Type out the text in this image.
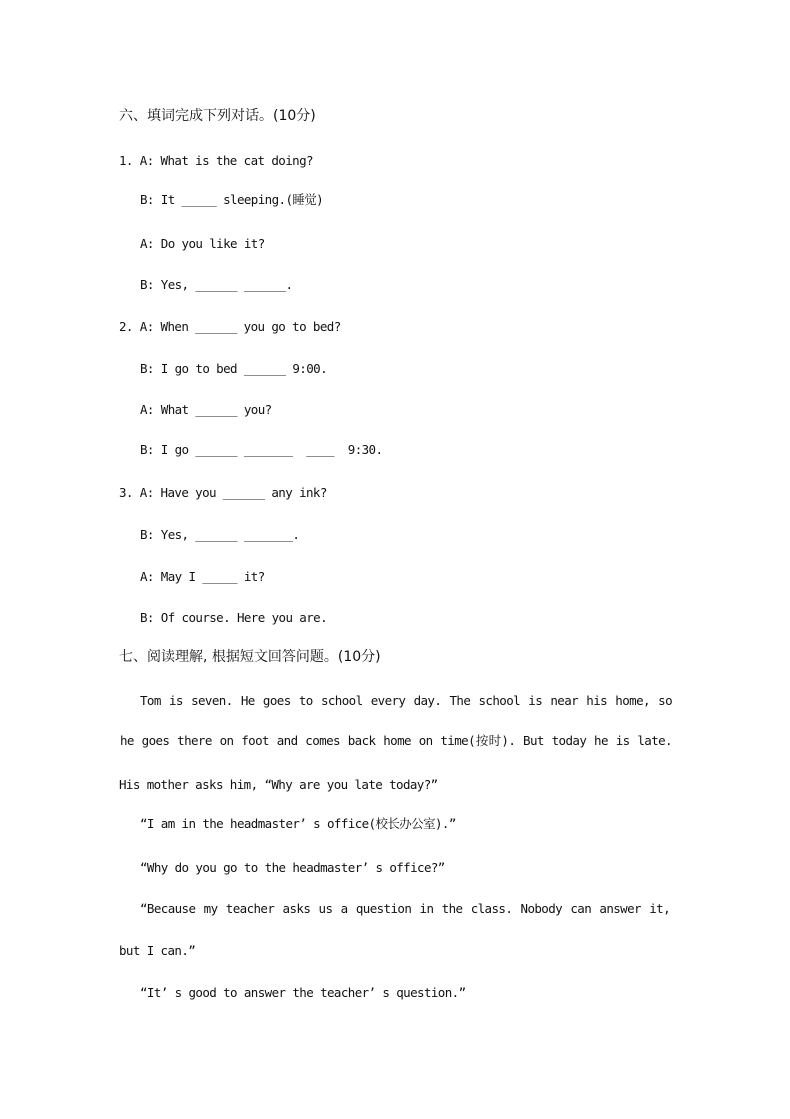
六、填词完成下列对话。(10分)
1. A: What is the cat doing?
B: It _____ sleeping.(睡觉)
A: Do you like it?
B: Yes, ______ ______.
2. A: When ______ you go to bed?
B: I go to bed ______ 9:00.
A: What ______ you?
B: I go ______ _______  ____  9:30.
3. A: Have you ______ any ink?
B: Yes, ______ _______.
A: May I _____ it?
B: Of course. Here you are.
七、阅读理解, 根据短文回答问题。(10分)
Tom is seven. He goes to school every day. The school is near his home, so
he goes there on foot and comes back home on time(按时). But today he is late.
His mother asks him, “Why are you late today?”
“I am in the headmaster’ s office(校长办公室).”
“Why do you go to the headmaster’ s office?”
“Because my teacher asks us a question in the class. Nobody can answer it,
but I can.”
“It’ s good to answer the teacher’ s question.”
